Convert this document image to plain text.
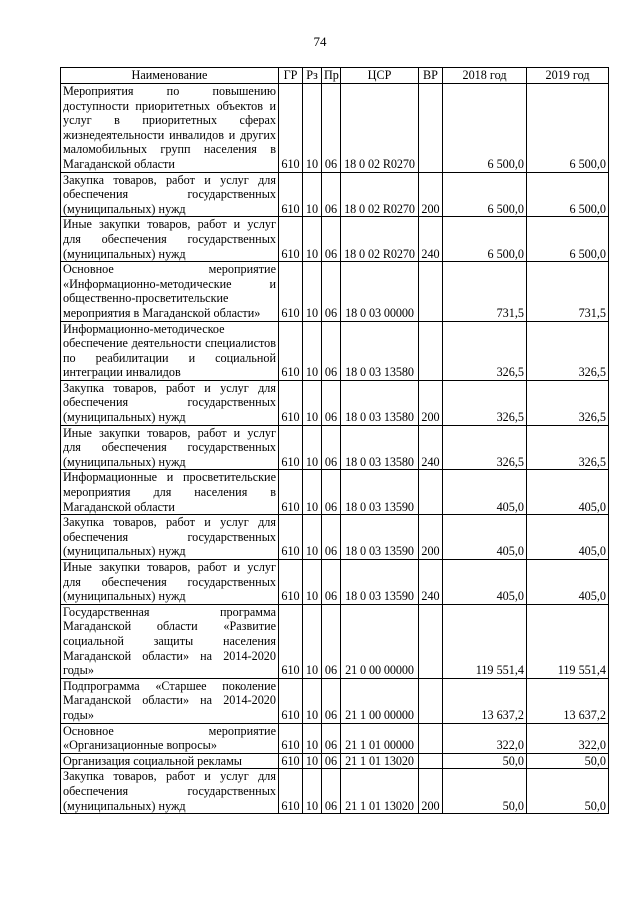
74
Наименование	ГР	Рз	Пр	ЦСР	ВР	2018 год	2019 год
Мероприятия по повышению доступности приоритетных объектов и услуг в приоритетных сферах жизнедеятельности инвалидов и других маломобильных групп населения в Магаданской области	610	10	06	18 0 02 R0270		6 500,0	6 500,0
Закупка товаров, работ и услуг для обеспечения государственных (муниципальных) нужд	610	10	06	18 0 02 R0270	200	6 500,0	6 500,0
Иные закупки товаров, работ и услуг для обеспечения государственных (муниципальных) нужд	610	10	06	18 0 02 R0270	240	6 500,0	6 500,0
Основное мероприятие «Информационно-методические и общественно-просветительские мероприятия в Магаданской области»	610	10	06	18 0 03 00000		731,5	731,5
Информационно-методическое обеспечение деятельности специалистов по реабилитации и социальной интеграции инвалидов	610	10	06	18 0 03 13580		326,5	326,5
Закупка товаров, работ и услуг для обеспечения государственных (муниципальных) нужд	610	10	06	18 0 03 13580	200	326,5	326,5
Иные закупки товаров, работ и услуг для обеспечения государственных (муниципальных) нужд	610	10	06	18 0 03 13580	240	326,5	326,5
Информационные и просветительские мероприятия для населения в Магаданской области	610	10	06	18 0 03 13590		405,0	405,0
Закупка товаров, работ и услуг для обеспечения государственных (муниципальных) нужд	610	10	06	18 0 03 13590	200	405,0	405,0
Иные закупки товаров, работ и услуг для обеспечения государственных (муниципальных) нужд	610	10	06	18 0 03 13590	240	405,0	405,0
Государственная программа Магаданской области «Развитие социальной защиты населения Магаданской области» на 2014-2020 годы»	610	10	06	21 0 00 00000		119 551,4	119 551,4
Подпрограмма «Старшее поколение Магаданской области» на 2014-2020 годы»	610	10	06	21 1 00 00000		13 637,2	13 637,2
Основное мероприятие «Организационные вопросы»	610	10	06	21 1 01 00000		322,0	322,0
Организация социальной рекламы	610	10	06	21 1 01 13020		50,0	50,0
Закупка товаров, работ и услуг для обеспечения государственных (муниципальных) нужд	610	10	06	21 1 01 13020	200	50,0	50,0
